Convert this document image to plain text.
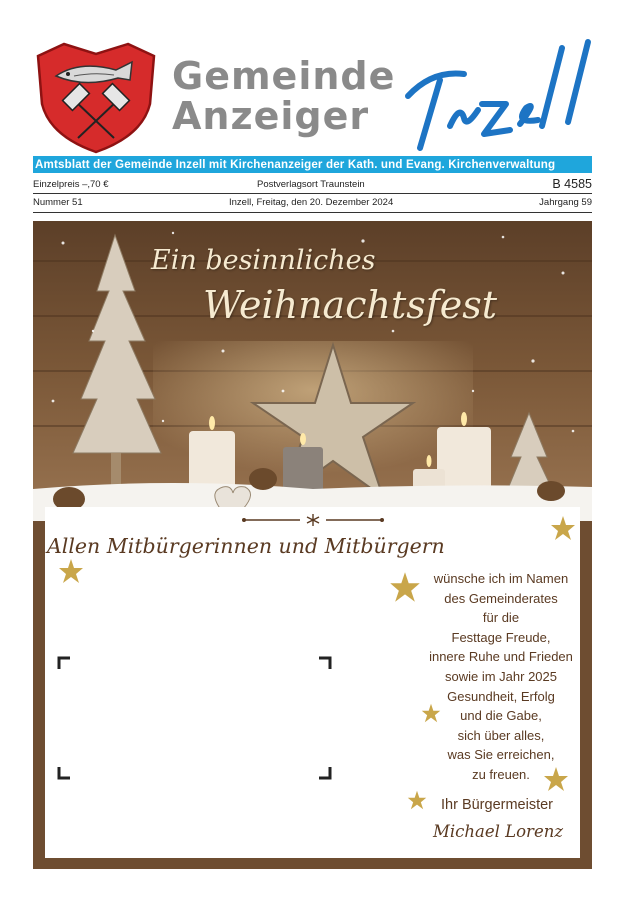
Gemeinde
Anzeiger
Amtsblatt der Gemeinde Inzell mit Kirchenanzeiger der Kath. und Evang. Kirchenverwaltung
Einzelpreis –,70 €	Postverlagsort Traunstein	B 4585
Nummer 51	Inzell, Freitag, den 20. Dezember 2024	Jahrgang 59
Ein besinnliches
Weihnachtsfest
Allen Mitbürgerinnen und Mitbürgern
wünsche ich im Namen
des Gemeinderates
für die
Festtage Freude,
innere Ruhe und Frieden
sowie im Jahr 2025
Gesundheit, Erfolg
und die Gabe,
sich über alles,
was Sie erreichen,
zu freuen.
Ihr Bürgermeister
Michael Lorenz
